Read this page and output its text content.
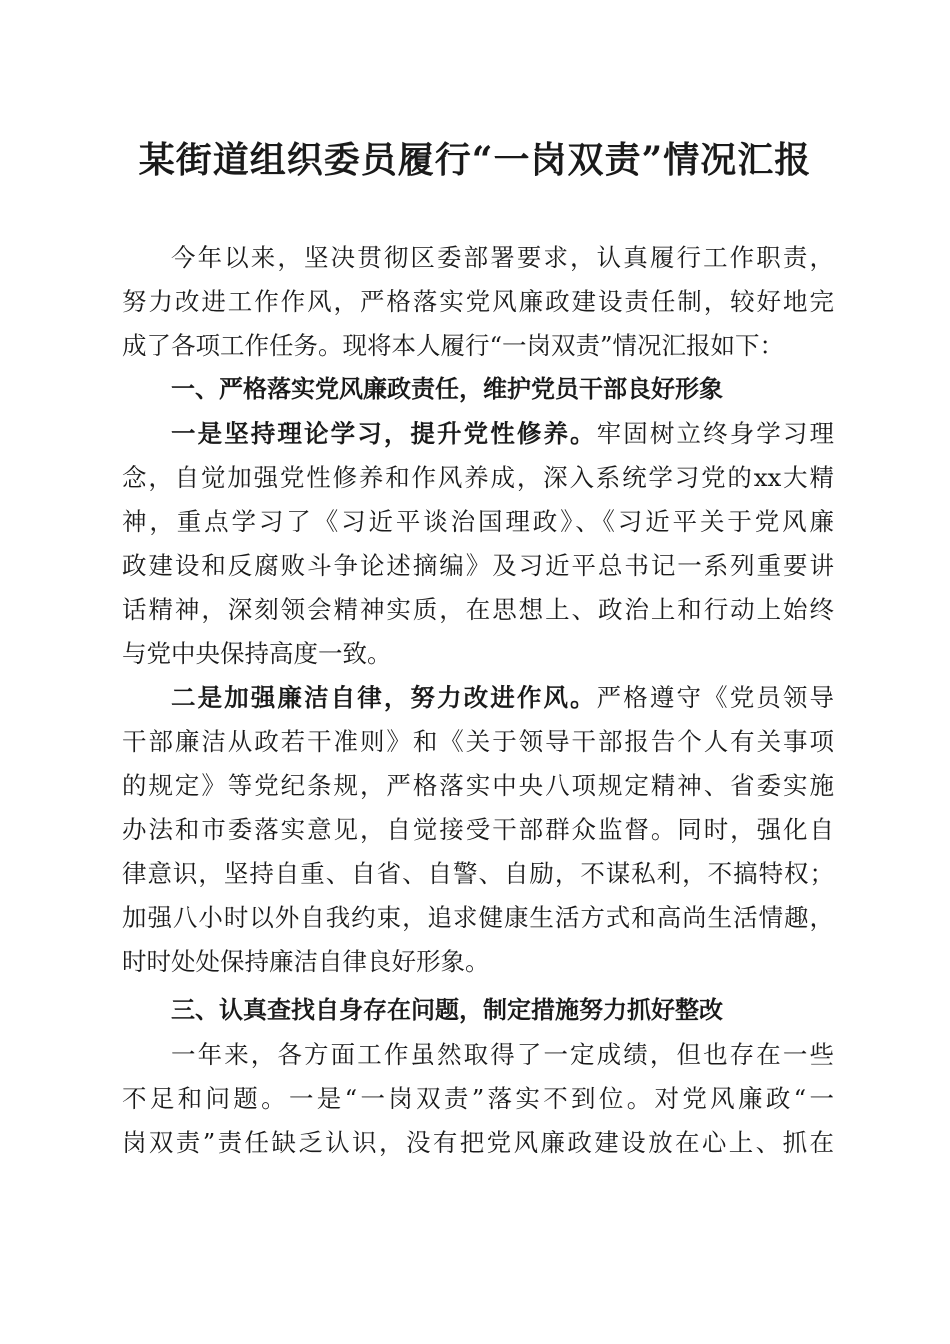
某街道组织委员履行“一岗双责”情况汇报
今年以来，坚决贯彻区委部署要求，认真履行工作职责，
努力改进工作作风，严格落实党风廉政建设责任制，较好地完
成了各项工作任务。现将本人履行“一岗双责”情况汇报如下：
一、严格落实党风廉政责任，维护党员干部良好形象
一是坚持理论学习，提升党性修养。牢固树立终身学习理
念，自觉加强党性修养和作风养成，深入系统学习党的xx大精
神，重点学习了《习近平谈治国理政》、《习近平关于党风廉
政建设和反腐败斗争论述摘编》及习近平总书记一系列重要讲
话精神，深刻领会精神实质，在思想上、政治上和行动上始终
与党中央保持高度一致。
二是加强廉洁自律，努力改进作风。严格遵守《党员领导
干部廉洁从政若干准则》和《关于领导干部报告个人有关事项
的规定》等党纪条规，严格落实中央八项规定精神、省委实施
办法和市委落实意见，自觉接受干部群众监督。同时，强化自
律意识，坚持自重、自省、自警、自励，不谋私利，不搞特权；
加强八小时以外自我约束，追求健康生活方式和高尚生活情趣，
时时处处保持廉洁自律良好形象。
三、认真查找自身存在问题，制定措施努力抓好整改
一年来，各方面工作虽然取得了一定成绩，但也存在一些
不足和问题。一是“一岗双责”落实不到位。对党风廉政“一
岗双责”责任缺乏认识，没有把党风廉政建设放在心上、抓在
